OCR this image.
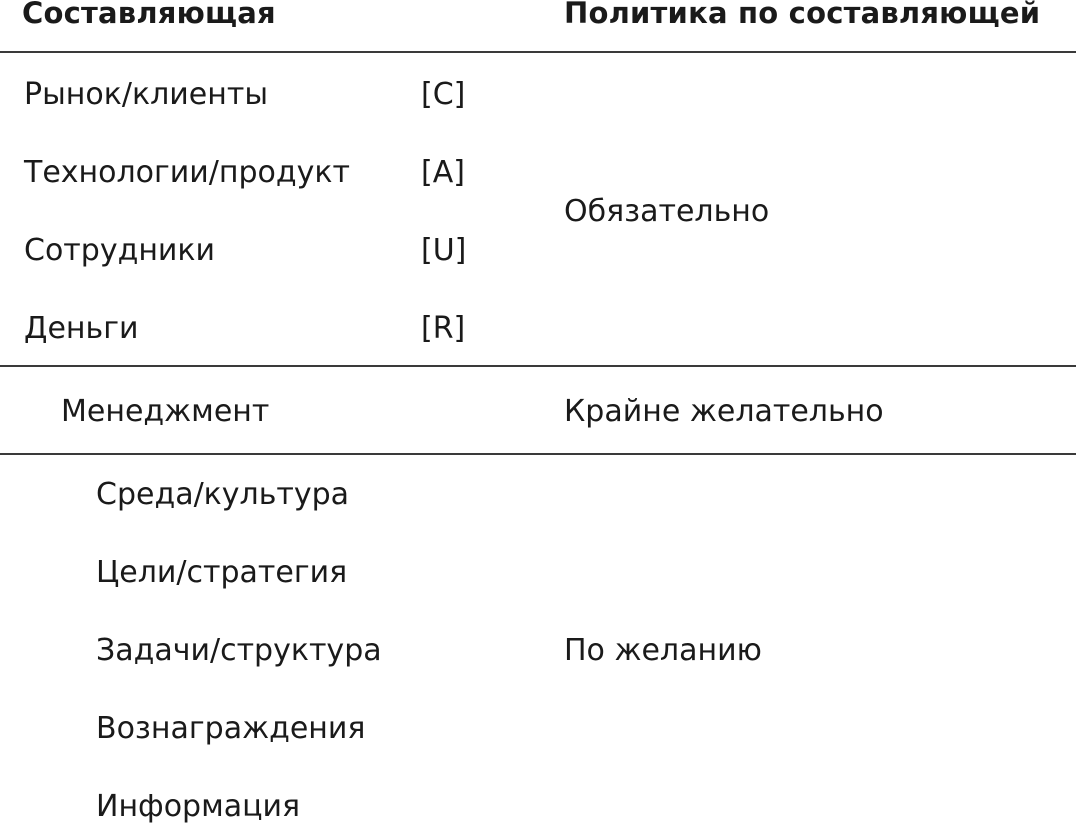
Составляющая	Политика по составляющей
Рынок/клиенты	[C]
Технологии/продукт [A]
Сотрудники	[U]
Деньги	[R]
Обязательно
Менеджмент	Крайне желательно
Среда/культура
Цели/стратегия
Задачи/структура
Вознаграждения
Информация
По желанию
